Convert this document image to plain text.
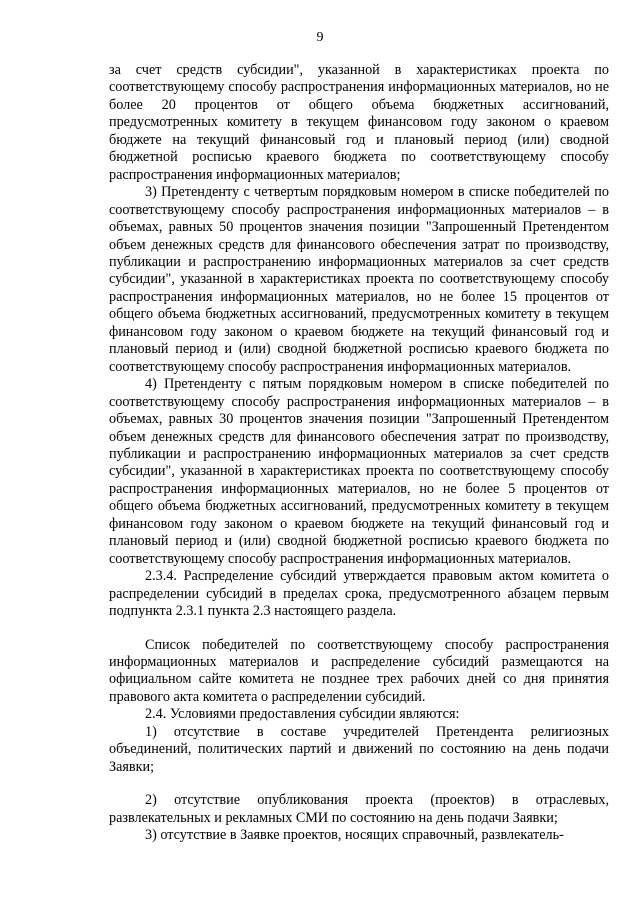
9

за счет средств субсидии", указанной в характеристиках проекта по соответствующему способу распространения информационных материалов, но не более 20 процентов от общего объема бюджетных ассигнований, предусмотренных комитету в текущем финансовом году законом о краевом бюджете на текущий финансовый год и плановый период (или) сводной бюджетной росписью краевого бюджета по соответствующему способу распространения информационных материалов;

3) Претенденту с четвертым порядковым номером в списке победителей по соответствующему способу распространения информационных материалов – в объемах, равных 50 процентов значения позиции "Запрошенный Претендентом объем денежных средств для финансового обеспечения затрат по производству, публикации и распространению информационных материалов за счет средств субсидии", указанной в характеристиках проекта по соответствующему способу распространения информационных материалов, но не более 15 процентов от общего объема бюджетных ассигнований, предусмотренных комитету в текущем финансовом году законом о краевом бюджете на текущий финансовый год и плановый период и (или) сводной бюджетной росписью краевого бюджета по соответствующему способу распространения информационных материалов.

4) Претенденту с пятым порядковым номером в списке победителей по соответствующему способу распространения информационных материалов – в объемах, равных 30 процентов значения позиции "Запрошенный Претендентом объем денежных средств для финансового обеспечения затрат по производству, публикации и распространению информационных материалов за счет средств субсидии", указанной в характеристиках проекта по соответствующему способу распространения информационных материалов, но не более 5 процентов от общего объема бюджетных ассигнований, предусмотренных комитету в текущем финансовом году законом о краевом бюджете на текущий финансовый год и плановый период и (или) сводной бюджетной росписью краевого бюджета по соответствующему способу распространения информационных материалов.

2.3.4. Распределение субсидий утверждается правовым актом комитета о распределении субсидий в пределах срока, предусмотренного абзацем первым подпункта 2.3.1 пункта 2.3 настоящего раздела.

Список победителей по соответствующему способу распространения информационных материалов и распределение субсидий размещаются на официальном сайте комитета не позднее трех рабочих дней со дня принятия правового акта комитета о распределении субсидий.

2.4. Условиями предоставления субсидии являются:

1) отсутствие в составе учредителей Претендента религиозных объединений, политических партий и движений по состоянию на день подачи Заявки;

2) отсутствие опубликования проекта (проектов) в отраслевых, развлекательных и рекламных СМИ по состоянию на день подачи Заявки;

3) отсутствие в Заявке проектов, носящих справочный, развлекатель-
